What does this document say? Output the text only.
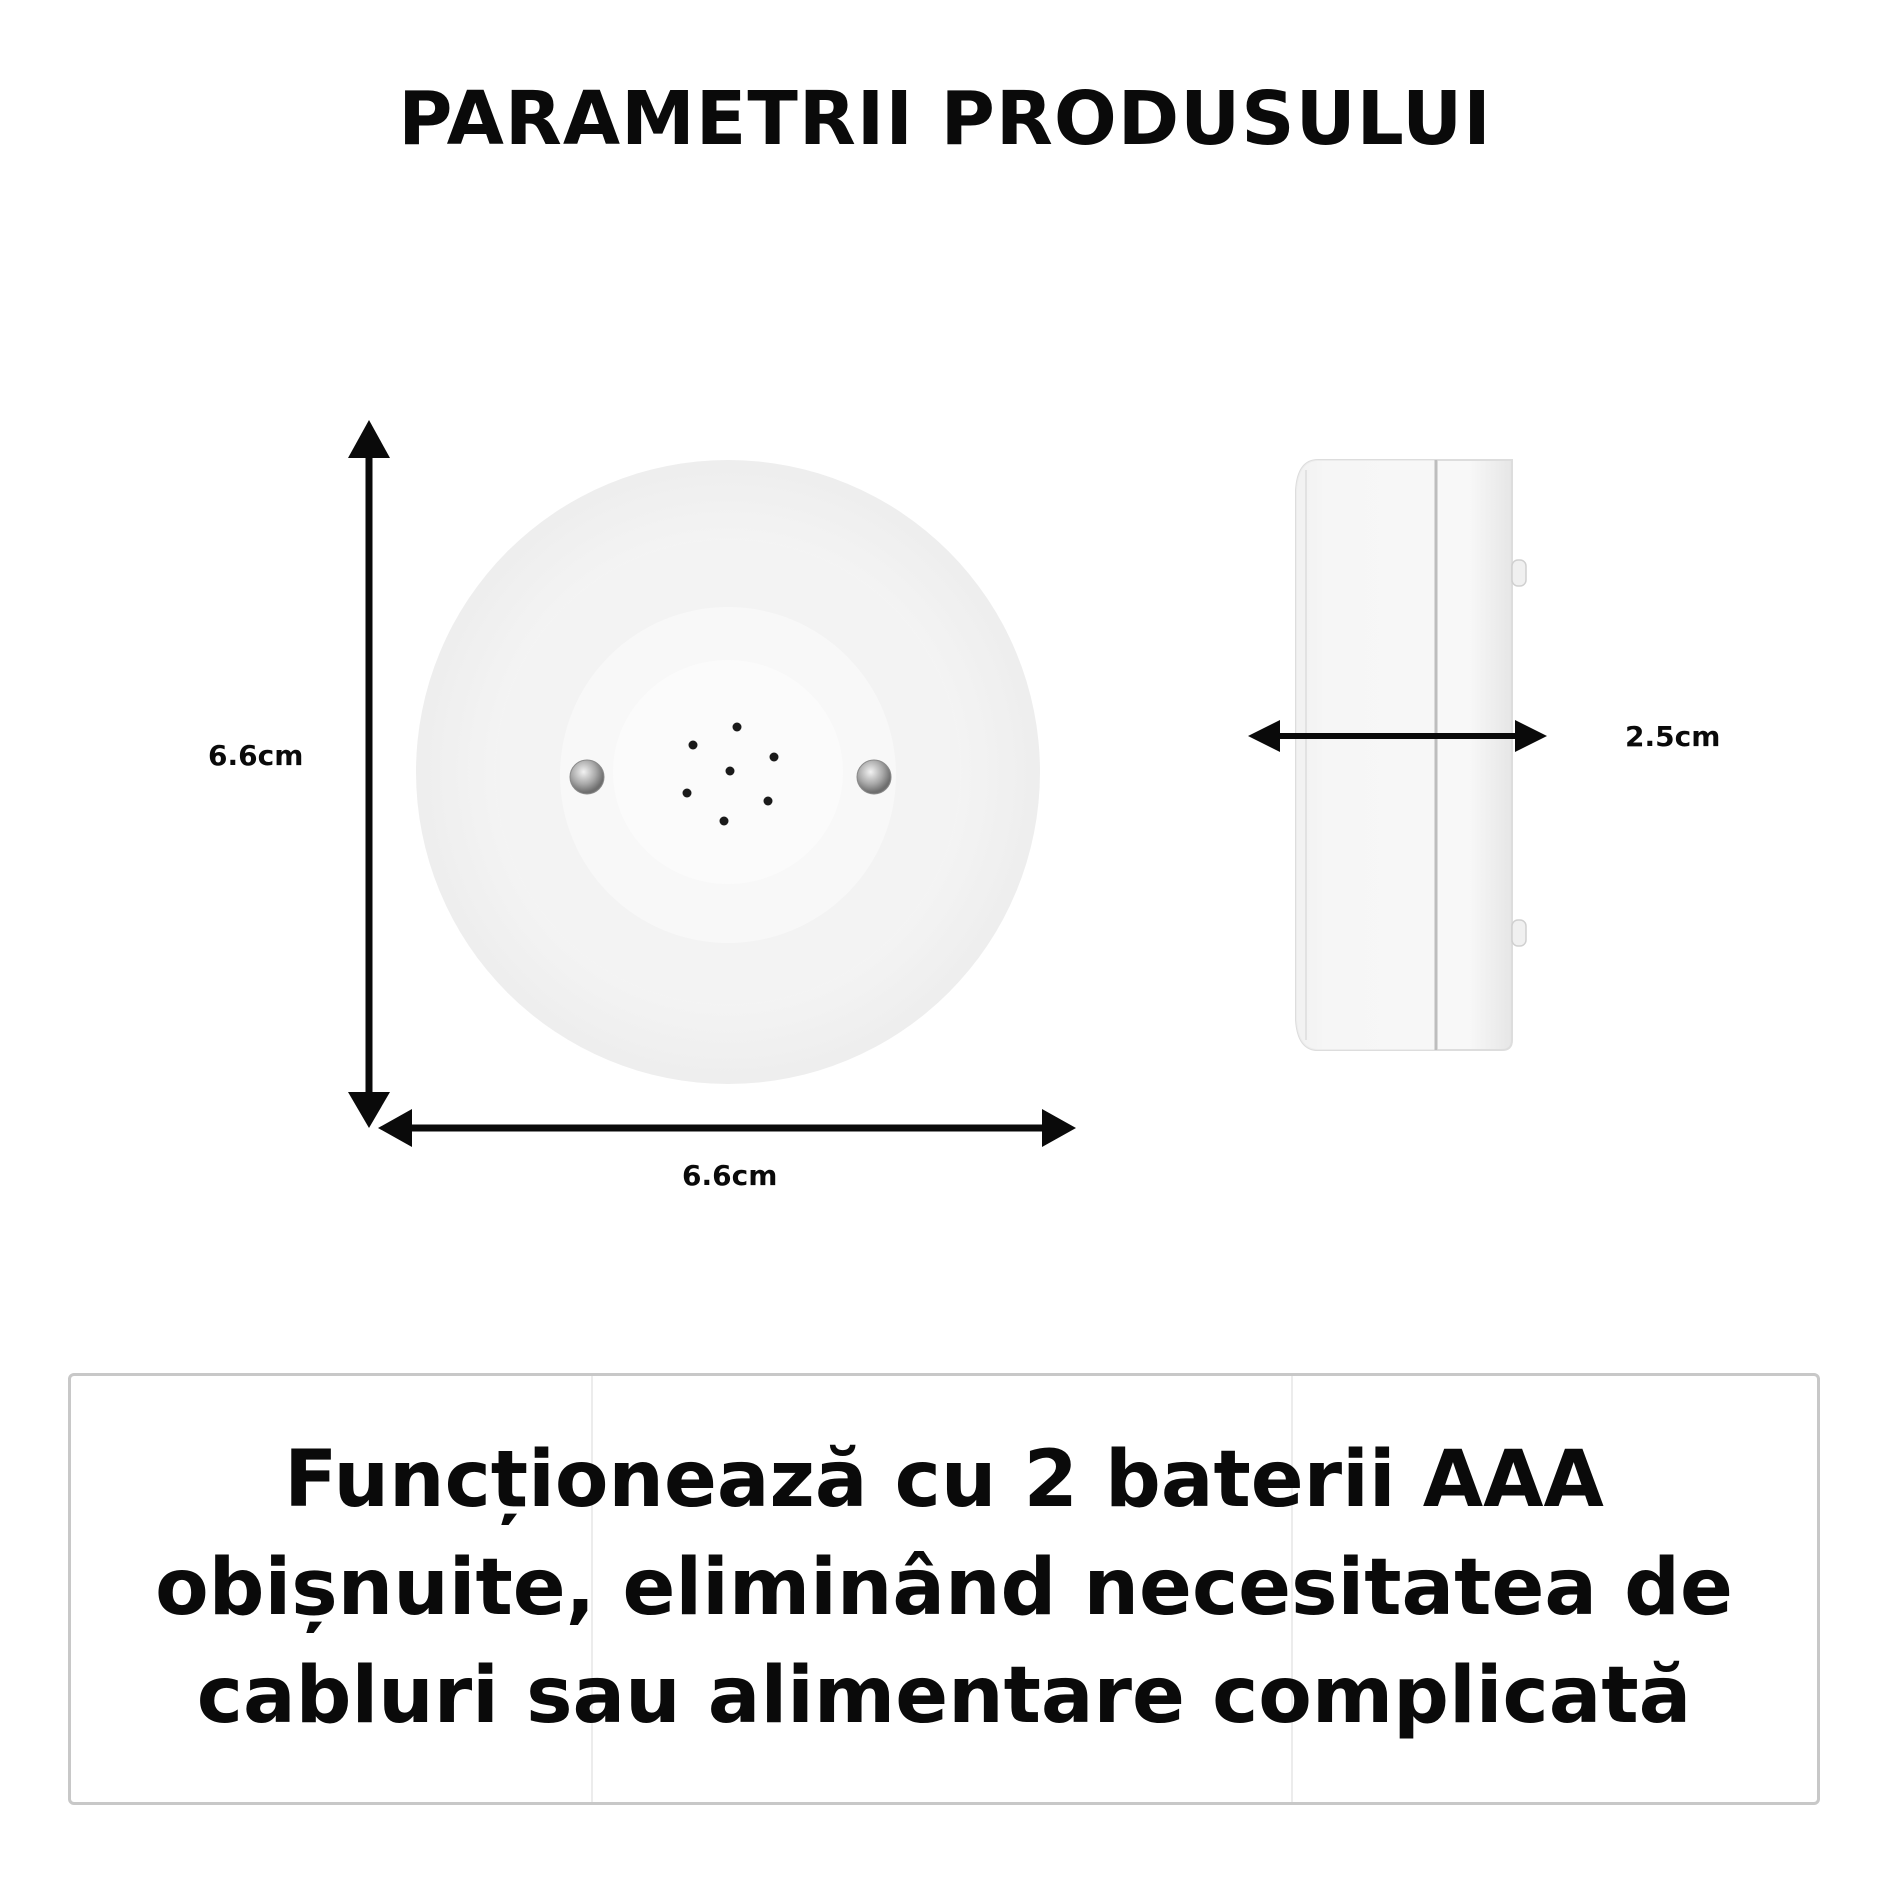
PARAMETRII PRODUSULUI
6.6cm
6.6cm
2.5cm
Funcționează cu 2 baterii AAA
obișnuite, eliminând necesitatea de
cabluri sau alimentare complicată
